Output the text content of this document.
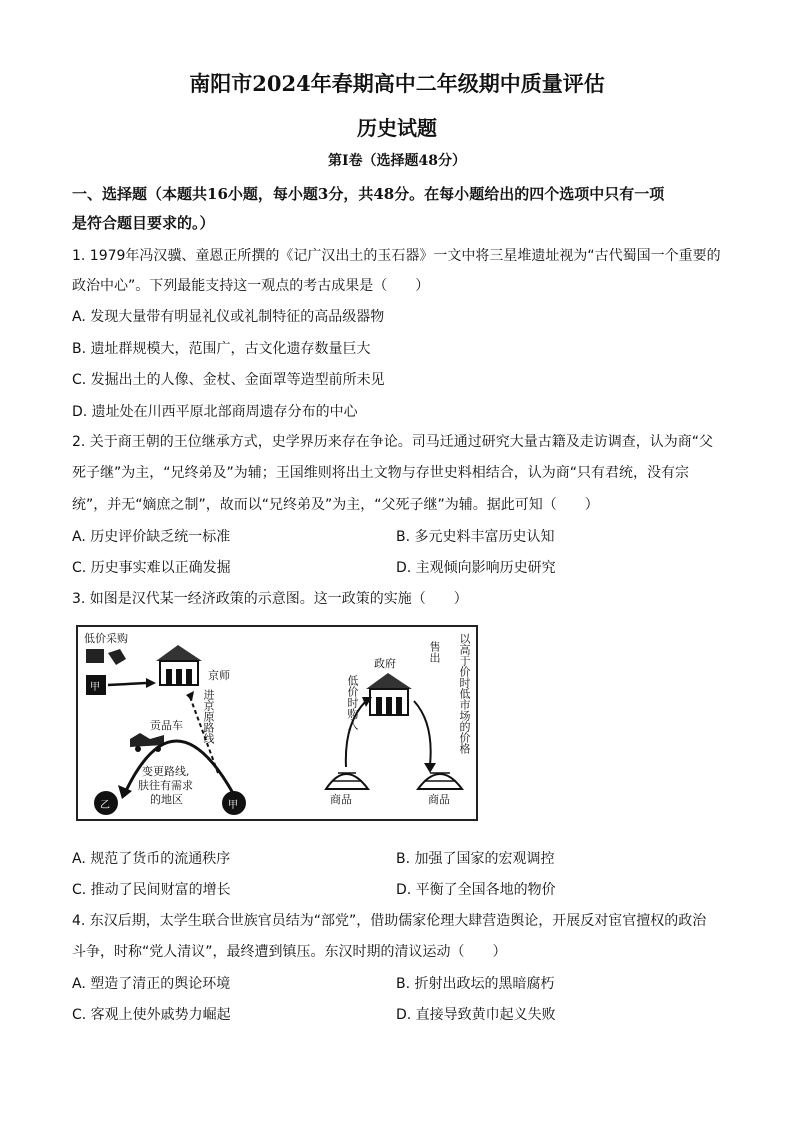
南阳市2024年春期高中二年级期中质量评估
历史试题
第Ⅰ卷（选择题48分）
一、选择题（本题共16小题，每小题3分，共48分。在每小题给出的四个选项中只有一项
是符合题目要求的。）
1. 1979年冯汉骥、童恩正所撰的《记广汉出土的玉石器》一文中将三星堆遗址视为“古代蜀国一个重要的
政治中心”。下列最能支持这一观点的考古成果是（　　）
A. 发现大量带有明显礼仪或礼制特征的高品级器物
B. 遗址群规模大，范围广，古文化遗存数量巨大
C. 发掘出土的人像、金杖、金面罩等造型前所未见
D. 遗址处在川西平原北部商周遗存分布的中心
2. 关于商王朝的王位继承方式，史学界历来存在争论。司马迁通过研究大量古籍及走访调查，认为商“父
死子继”为主，“兄终弟及”为辅；王国维则将出土文物与存世史料相结合，认为商“只有君统，没有宗
统”，并无“嫡庶之制”，故而以“兄终弟及”为主，“父死子继”为辅。据此可知（　　）
A. 历史评价缺乏统一标准	B. 多元史料丰富历史认知
C. 历史事实难以正确发掘	D. 主观倾向影响历史研究
3. 如图是汉代某一经济政策的示意图。这一政策的实施（　　）
低价采购
甲
京师
贡品车 进京原路线
变更路线,
肤往有需求
的地区
乙	甲
政府
低价时购入
售出	以高于价时低市场的价格
商品	商品
A. 规范了货币的流通秩序	B. 加强了国家的宏观调控
C. 推动了民间财富的增长	D. 平衡了全国各地的物价
4. 东汉后期，太学生联合世族官员结为“部党”，借助儒家伦理大肆营造舆论，开展反对宦官擅权的政治
斗争，时称“党人清议”，最终遭到镇压。东汉时期的清议运动（　　）
A. 塑造了清正的舆论环境	B. 折射出政坛的黑暗腐朽
C. 客观上使外戚势力崛起	D. 直接导致黄巾起义失败
